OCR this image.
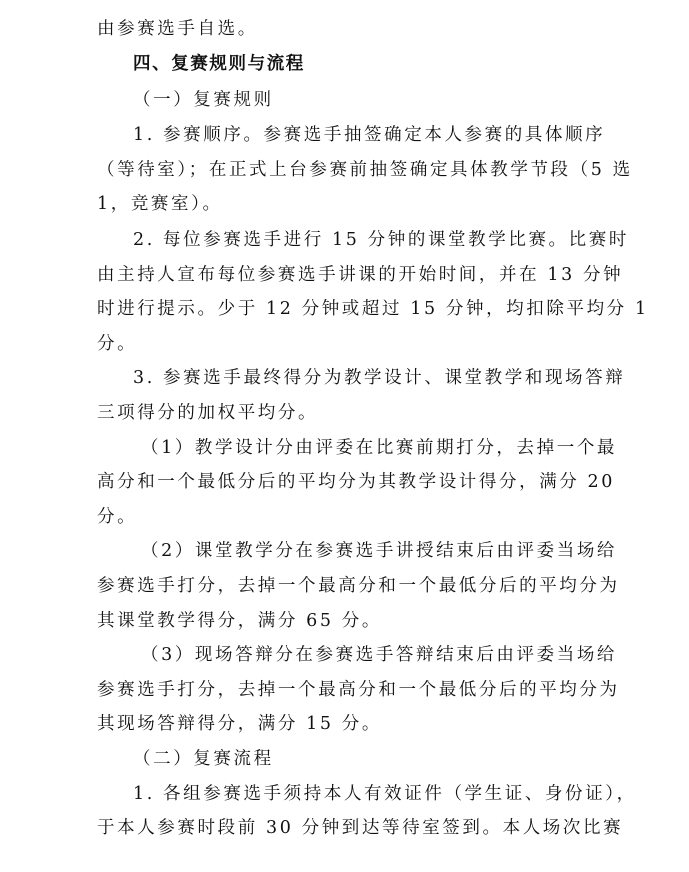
由参赛选手自选。
四、复赛规则与流程
（一）复赛规则
1. 参赛顺序。参赛选手抽签确定本人参赛的具体顺序
（等待室）；在正式上台参赛前抽签确定具体教学节段（5 选
1，竞赛室）。
2. 每位参赛选手进行 15 分钟的课堂教学比赛。比赛时
由主持人宣布每位参赛选手讲课的开始时间，并在 13 分钟
时进行提示。少于 12 分钟或超过 15 分钟，均扣除平均分 1
分。
3. 参赛选手最终得分为教学设计、课堂教学和现场答辩
三项得分的加权平均分。
（1）教学设计分由评委在比赛前期打分，去掉一个最
高分和一个最低分后的平均分为其教学设计得分，满分 20
分。
（2）课堂教学分在参赛选手讲授结束后由评委当场给
参赛选手打分，去掉一个最高分和一个最低分后的平均分为
其课堂教学得分，满分 65 分。
（3）现场答辩分在参赛选手答辩结束后由评委当场给
参赛选手打分，去掉一个最高分和一个最低分后的平均分为
其现场答辩得分，满分 15 分。
（二）复赛流程
1. 各组参赛选手须持本人有效证件（学生证、身份证），
于本人参赛时段前 30 分钟到达等待室签到。本人场次比赛
